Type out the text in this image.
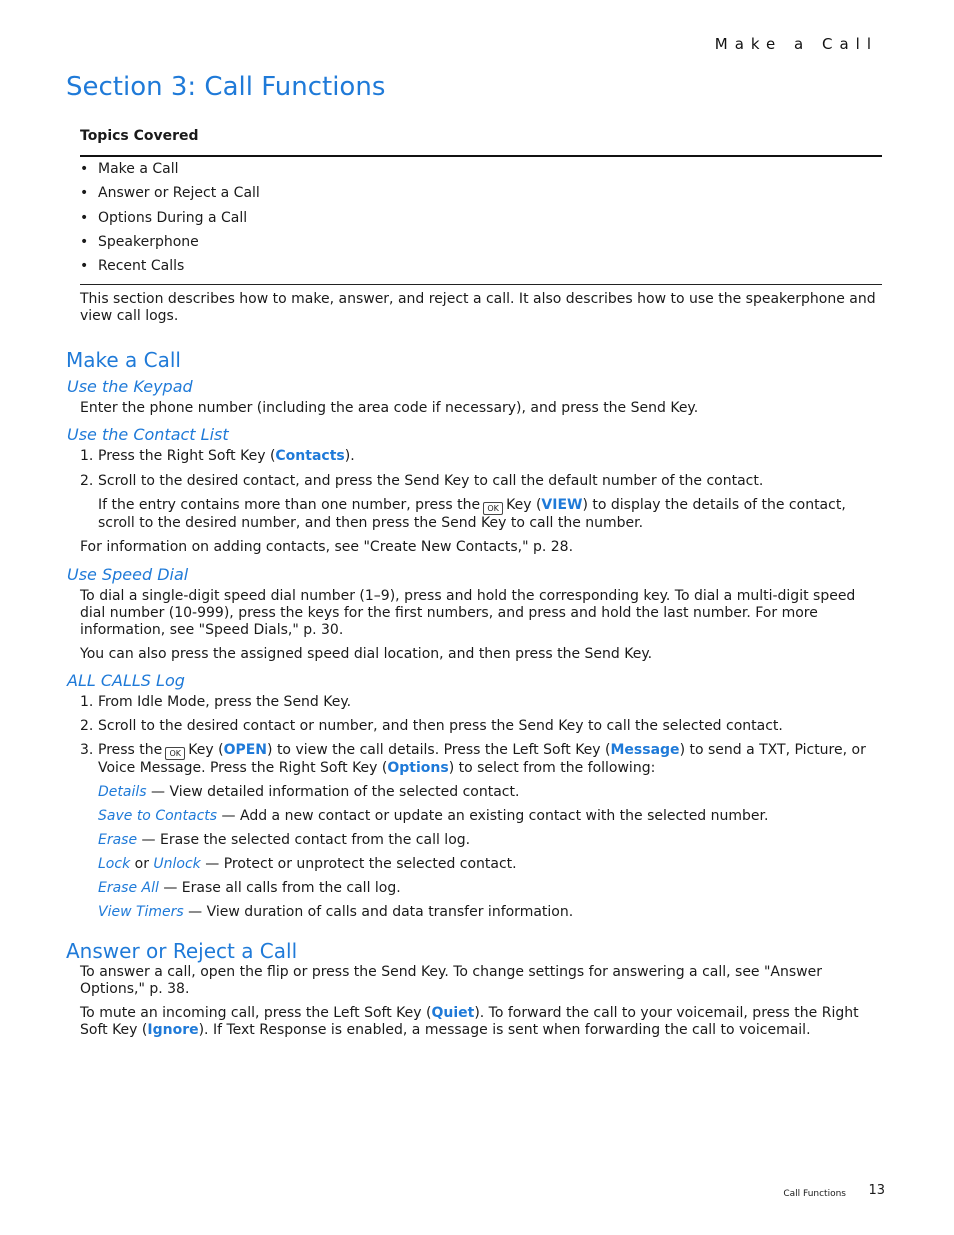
Make a Call
Section 3: Call Functions
Topics Covered
• Make a Call
• Answer or Reject a Call
• Options During a Call
• Speakerphone
• Recent Calls

This section describes how to make, answer, and reject a call. It also describes how to use the speakerphone and view call logs.

Make a Call
Use the Keypad

Enter the phone number (including the area code if necessary), and press the Send Key.

Use the Contact List
1. Press the Right Soft Key (Contacts).
2. Scroll to the desired contact, and press the Send Key to call the default number of the contact.

If the entry contains more than one number, press the OK Key (VIEW) to display the details of the contact, scroll to the desired number, and then press the Send Key to call the number.

For information on adding contacts, see "Create New Contacts," p. 28.

Use Speed Dial

To dial a single-digit speed dial number (1–9), press and hold the corresponding key. To dial a multi-digit speed dial number (10-999), press the keys for the first numbers, and press and hold the last number. For more information, see "Speed Dials," p. 30.

You can also press the assigned speed dial location, and then press the Send Key.

ALL CALLS Log
1. From Idle Mode, press the Send Key.
2. Scroll to the desired contact or number, and then press the Send Key to call the selected contact.
3. Press the OK Key (OPEN) to view the call details. Press the Left Soft Key (Message) to send a TXT, Picture, or Voice Message. Press the Right Soft Key (Options) to select from the following:

Details — View detailed information of the selected contact.

Save to Contacts — Add a new contact or update an existing contact with the selected number.

Erase — Erase the selected contact from the call log.

Lock or Unlock — Protect or unprotect the selected contact.

Erase All — Erase all calls from the call log.

View Timers — View duration of calls and data transfer information.

Answer or Reject a Call

To answer a call, open the flip or press the Send Key. To change settings for answering a call, see "Answer Options," p. 38.

To mute an incoming call, press the Left Soft Key (Quiet). To forward the call to your voicemail, press the Right Soft Key (Ignore). If Text Response is enabled, a message is sent when forwarding the call to voicemail.

Call Functions 13
